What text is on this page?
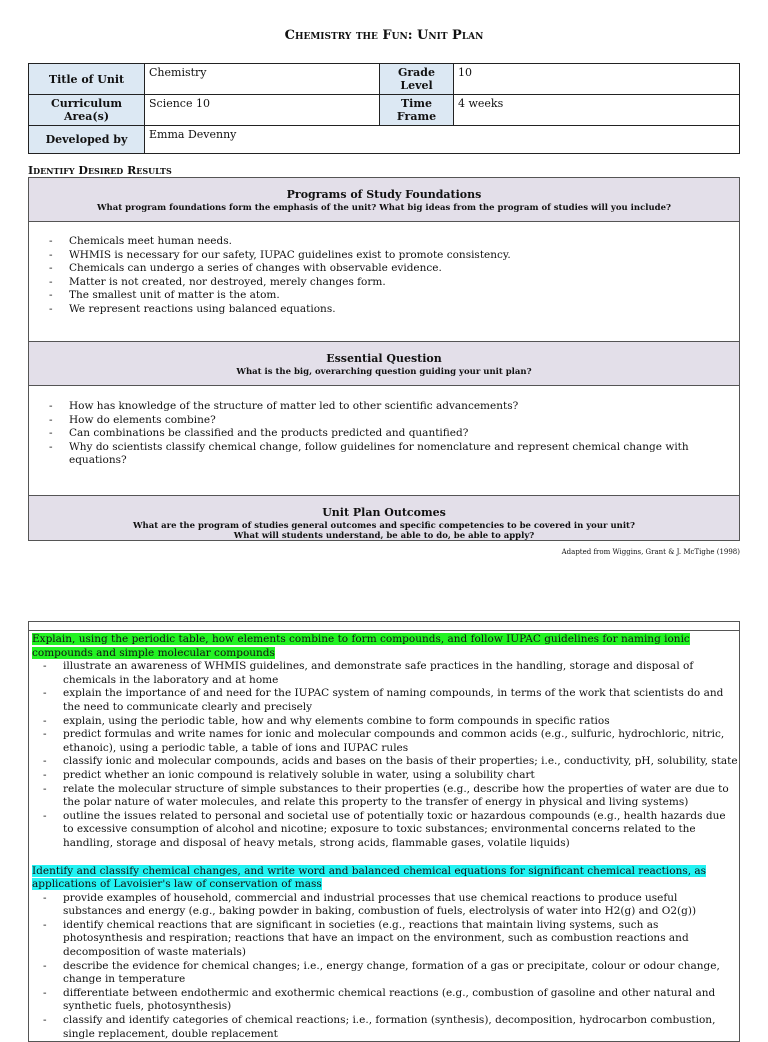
Chemistry the Fun: Unit Plan
Title of Unit	Chemistry	Grade Level	10
Curriculum Area(s)	Science 10	Time Frame	4 weeks
Developed by	Emma Devenny		
Identify Desired Results
Programs of Study Foundations
What program foundations form the emphasis of the unit? What big ideas from the program of studies will you include?
- Chemicals meet human needs.
- WHMIS is necessary for our safety, IUPAC guidelines exist to promote consistency.
- Chemicals can undergo a series of changes with observable evidence.
- Matter is not created, nor destroyed, merely changes form.
- The smallest unit of matter is the atom.
- We represent reactions using balanced equations.
Essential Question
What is the big, overarching question guiding your unit plan?
- How has knowledge of the structure of matter led to other scientific advancements?
- How do elements combine?
- Can combinations be classified and the products predicted and quantified?
- Why do scientists classify chemical change, follow guidelines for nomenclature and represent chemical change with equations?
Unit Plan Outcomes
What are the program of studies general outcomes and specific competencies to be covered in your unit?
What will students understand, be able to do, be able to apply?
Adapted from Wiggins, Grant & J. McTighe (1998)
Explain, using the periodic table, how elements combine to form compounds, and follow IUPAC guidelines for naming ionic compounds and simple molecular compounds
- illustrate an awareness of WHMIS guidelines, and demonstrate safe practices in the handling, storage and disposal of chemicals in the laboratory and at home
- explain the importance of and need for the IUPAC system of naming compounds, in terms of the work that scientists do and the need to communicate clearly and precisely
- explain, using the periodic table, how and why elements combine to form compounds in specific ratios
- predict formulas and write names for ionic and molecular compounds and common acids (e.g., sulfuric, hydrochloric, nitric, ethanoic), using a periodic table, a table of ions and IUPAC rules
- classify ionic and molecular compounds, acids and bases on the basis of their properties; i.e., conductivity, pH, solubility, state
- predict whether an ionic compound is relatively soluble in water, using a solubility chart
- relate the molecular structure of simple substances to their properties (e.g., describe how the properties of water are due to the polar nature of water molecules, and relate this property to the transfer of energy in physical and living systems)
- outline the issues related to personal and societal use of potentially toxic or hazardous compounds (e.g., health hazards due to excessive consumption of alcohol and nicotine; exposure to toxic substances; environmental concerns related to the handling, storage and disposal of heavy metals, strong acids, flammable gases, volatile liquids)
Identify and classify chemical changes, and write word and balanced chemical equations for significant chemical reactions, as applications of Lavoisier's law of conservation of mass
- provide examples of household, commercial and industrial processes that use chemical reactions to produce useful substances and energy (e.g., baking powder in baking, combustion of fuels, electrolysis of water into H2(g) and O2(g))
- identify chemical reactions that are significant in societies (e.g., reactions that maintain living systems, such as photosynthesis and respiration; reactions that have an impact on the environment, such as combustion reactions and decomposition of waste materials)
- describe the evidence for chemical changes; i.e., energy change, formation of a gas or precipitate, colour or odour change, change in temperature
- differentiate between endothermic and exothermic chemical reactions (e.g., combustion of gasoline and other natural and synthetic fuels, photosynthesis)
- classify and identify categories of chemical reactions; i.e., formation (synthesis), decomposition, hydrocarbon combustion, single replacement, double replacement
